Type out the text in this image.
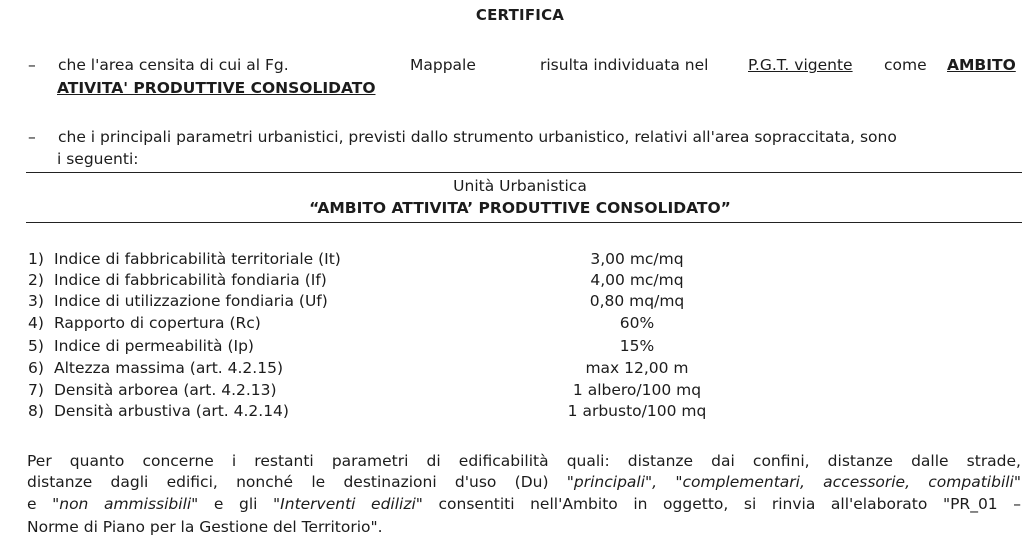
CERTIFICA
– che l'area censita di cui al Fg.	Mappale	risulta individuata nel	P.G.T. vigente come AMBITO
ATIVITA' PRODUTTIVE CONSOLIDATO
– che i principali parametri urbanistici, previsti dallo strumento urbanistico, relativi all'area sopraccitata, sono
i seguenti:
Unità Urbanistica
“AMBITO ATTIVITA’ PRODUTTIVE CONSOLIDATO”
1) Indice di fabbricabilità territoriale (It)	3,00 mc/mq
2) Indice di fabbricabilità fondiaria (If)	4,00 mc/mq
3) Indice di utilizzazione fondiaria (Uf)	0,80 mq/mq
4) Rapporto di copertura (Rc)	60%
5) Indice di permeabilità (Ip)	15%
6) Altezza massima (art. 4.2.15)	max 12,00 m
7) Densità arborea (art. 4.2.13)	1 albero/100 mq
8) Densità arbustiva (art. 4.2.14)	1 arbusto/100 mq
Per quanto concerne i restanti parametri di edificabilità quali: distanze dai confini, distanze dalle strade,
distanze dagli edifici, nonché le destinazioni d'uso (Du) "principali", "complementari, accessorie, compatibili"
e "non ammissibili" e gli "Interventi edilizi" consentiti nell'Ambito in oggetto, si rinvia all'elaborato "PR_01 –
Norme di Piano per la Gestione del Territorio".
